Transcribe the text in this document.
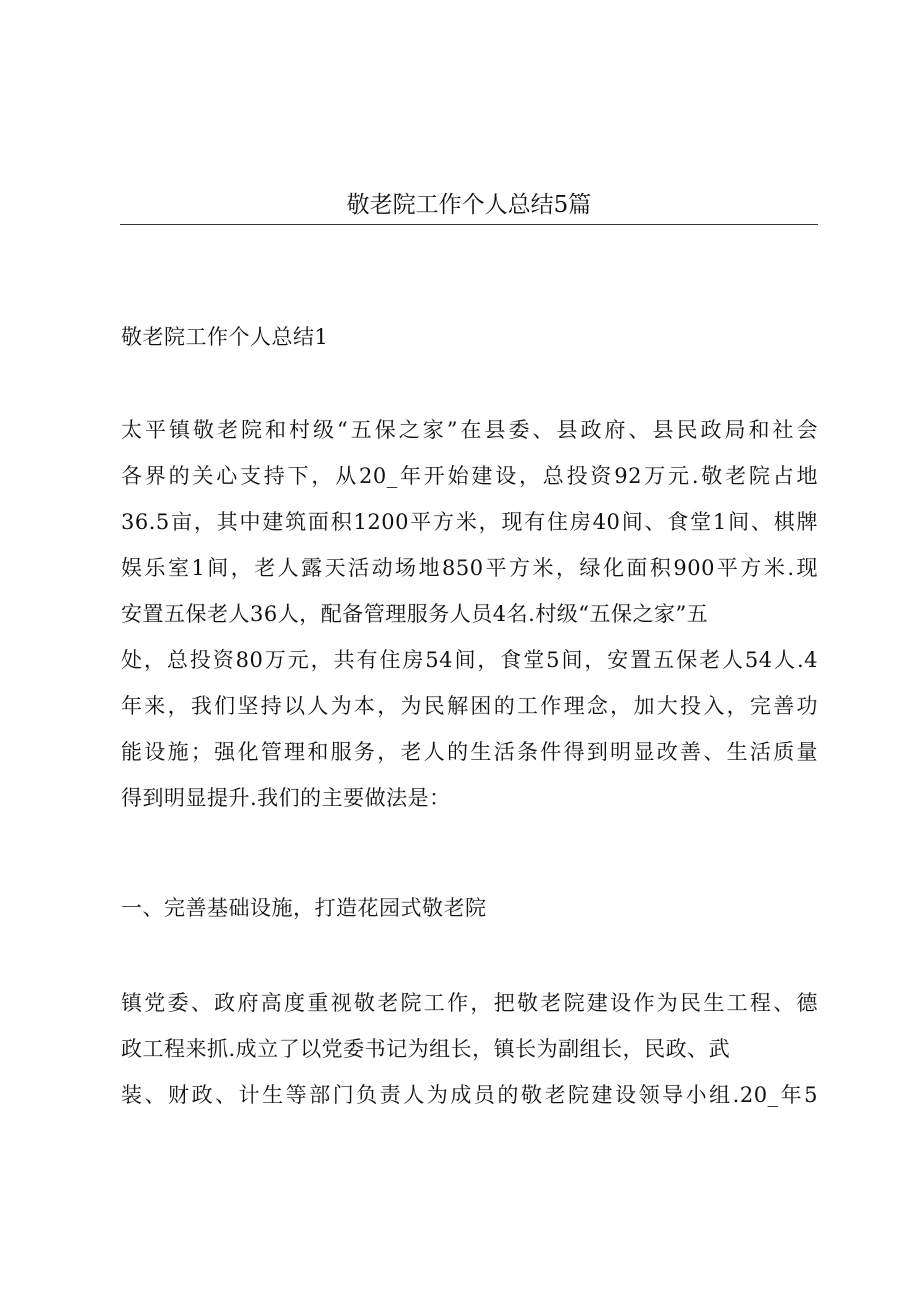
敬老院工作个人总结5篇
敬老院工作个人总结1
太平镇敬老院和村级“五保之家”在县委、县政府、县民政局和社会
各界的关心支持下，从20_年开始建设，总投资92万元.敬老院占地
36.5亩，其中建筑面积1200平方米，现有住房40间、食堂1间、棋牌
娱乐室1间，老人露天活动场地850平方米，绿化面积900平方米.现
安置五保老人36人，配备管理服务人员4名.村级“五保之家”五
处，总投资80万元，共有住房54间，食堂5间，安置五保老人54人.4
年来，我们坚持以人为本，为民解困的工作理念，加大投入，完善功
能设施；强化管理和服务，老人的生活条件得到明显改善、生活质量
得到明显提升.我们的主要做法是：
一、完善基础设施，打造花园式敬老院
镇党委、政府高度重视敬老院工作，把敬老院建设作为民生工程、德
政工程来抓.成立了以党委书记为组长，镇长为副组长，民政、武
装、财政、计生等部门负责人为成员的敬老院建设领导小组.20_年5
